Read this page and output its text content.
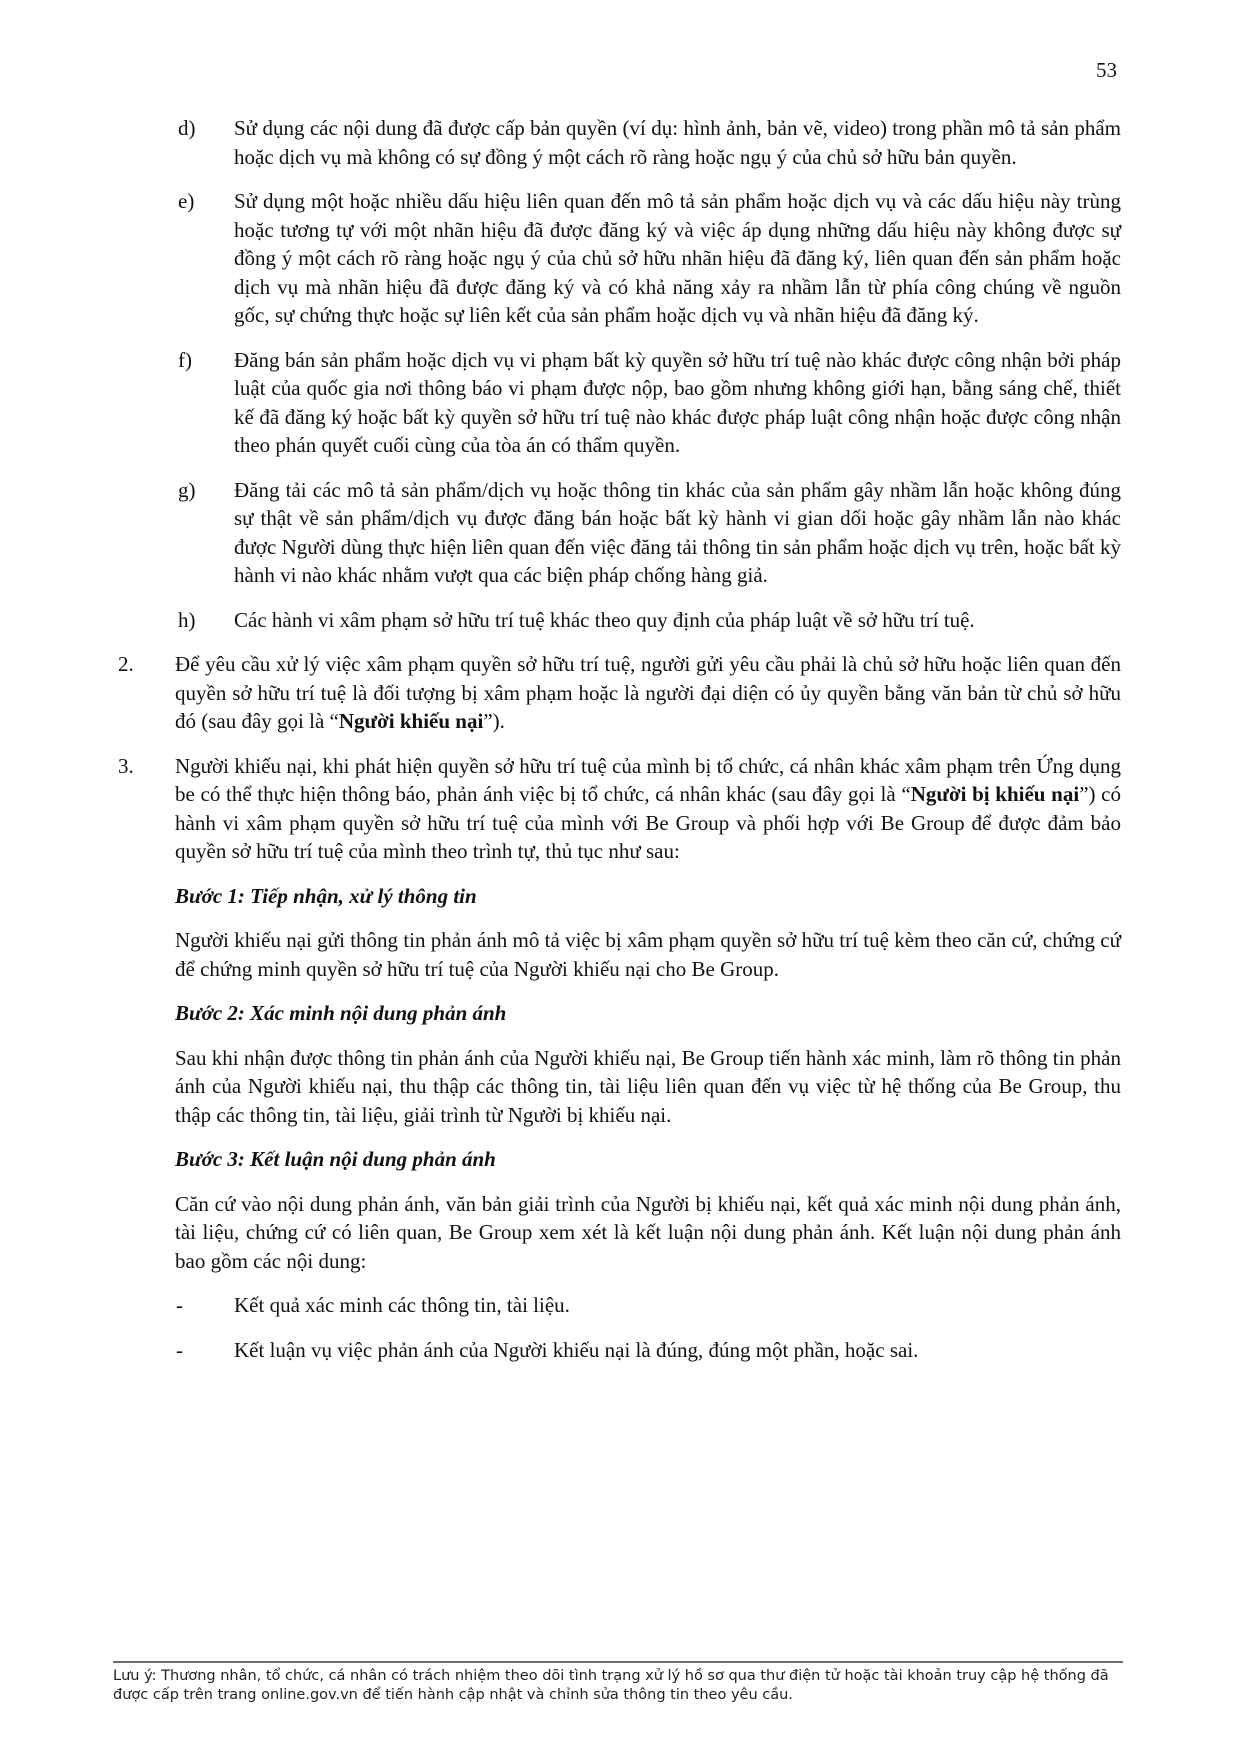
53
d) Sử dụng các nội dung đã được cấp bản quyền (ví dụ: hình ảnh, bản vẽ, video) trong phần mô tả sản phẩm hoặc dịch vụ mà không có sự đồng ý một cách rõ ràng hoặc ngụ ý của chủ sở hữu bản quyền.
e) Sử dụng một hoặc nhiều dấu hiệu liên quan đến mô tả sản phẩm hoặc dịch vụ và các dấu hiệu này trùng hoặc tương tự với một nhãn hiệu đã được đăng ký và việc áp dụng những dấu hiệu này không được sự đồng ý một cách rõ ràng hoặc ngụ ý của chủ sở hữu nhãn hiệu đã đăng ký, liên quan đến sản phẩm hoặc dịch vụ mà nhãn hiệu đã được đăng ký và có khả năng xảy ra nhầm lẫn từ phía công chúng về nguồn gốc, sự chứng thực hoặc sự liên kết của sản phẩm hoặc dịch vụ và nhãn hiệu đã đăng ký.
f) Đăng bán sản phẩm hoặc dịch vụ vi phạm bất kỳ quyền sở hữu trí tuệ nào khác được công nhận bởi pháp luật của quốc gia nơi thông báo vi phạm được nộp, bao gồm nhưng không giới hạn, bằng sáng chế, thiết kế đã đăng ký hoặc bất kỳ quyền sở hữu trí tuệ nào khác được pháp luật công nhận hoặc được công nhận theo phán quyết cuối cùng của tòa án có thẩm quyền.
g) Đăng tải các mô tả sản phẩm/dịch vụ hoặc thông tin khác của sản phẩm gây nhầm lẫn hoặc không đúng sự thật về sản phẩm/dịch vụ được đăng bán hoặc bất kỳ hành vi gian dối hoặc gây nhầm lẫn nào khác được Người dùng thực hiện liên quan đến việc đăng tải thông tin sản phẩm hoặc dịch vụ trên, hoặc bất kỳ hành vi nào khác nhằm vượt qua các biện pháp chống hàng giả.
h) Các hành vi xâm phạm sở hữu trí tuệ khác theo quy định của pháp luật về sở hữu trí tuệ.
2. Để yêu cầu xử lý việc xâm phạm quyền sở hữu trí tuệ, người gửi yêu cầu phải là chủ sở hữu hoặc liên quan đến quyền sở hữu trí tuệ là đối tượng bị xâm phạm hoặc là người đại diện có ủy quyền bằng văn bản từ chủ sở hữu đó (sau đây gọi là “Người khiếu nại”).
3. Người khiếu nại, khi phát hiện quyền sở hữu trí tuệ của mình bị tổ chức, cá nhân khác xâm phạm trên Ứng dụng be có thể thực hiện thông báo, phản ánh việc bị tổ chức, cá nhân khác (sau đây gọi là “Người bị khiếu nại”) có hành vi xâm phạm quyền sở hữu trí tuệ của mình với Be Group và phối hợp với Be Group để được đảm bảo quyền sở hữu trí tuệ của mình theo trình tự, thủ tục như sau:
Bước 1: Tiếp nhận, xử lý thông tin
Người khiếu nại gửi thông tin phản ánh mô tả việc bị xâm phạm quyền sở hữu trí tuệ kèm theo căn cứ, chứng cứ để chứng minh quyền sở hữu trí tuệ của Người khiếu nại cho Be Group.
Bước 2: Xác minh nội dung phản ánh
Sau khi nhận được thông tin phản ánh của Người khiếu nại, Be Group tiến hành xác minh, làm rõ thông tin phản ánh của Người khiếu nại, thu thập các thông tin, tài liệu liên quan đến vụ việc từ hệ thống của Be Group, thu thập các thông tin, tài liệu, giải trình từ Người bị khiếu nại.
Bước 3: Kết luận nội dung phản ánh
Căn cứ vào nội dung phản ánh, văn bản giải trình của Người bị khiếu nại, kết quả xác minh nội dung phản ánh, tài liệu, chứng cứ có liên quan, Be Group xem xét là kết luận nội dung phản ánh. Kết luận nội dung phản ánh bao gồm các nội dung:
- Kết quả xác minh các thông tin, tài liệu.
- Kết luận vụ việc phản ánh của Người khiếu nại là đúng, đúng một phần, hoặc sai.
Lưu ý: Thương nhân, tổ chức, cá nhân có trách nhiệm theo dõi tình trạng xử lý hồ sơ qua thư điện tử hoặc tài khoản truy cập hệ thống đã được cấp trên trang online.gov.vn để tiến hành cập nhật và chỉnh sửa thông tin theo yêu cầu.
